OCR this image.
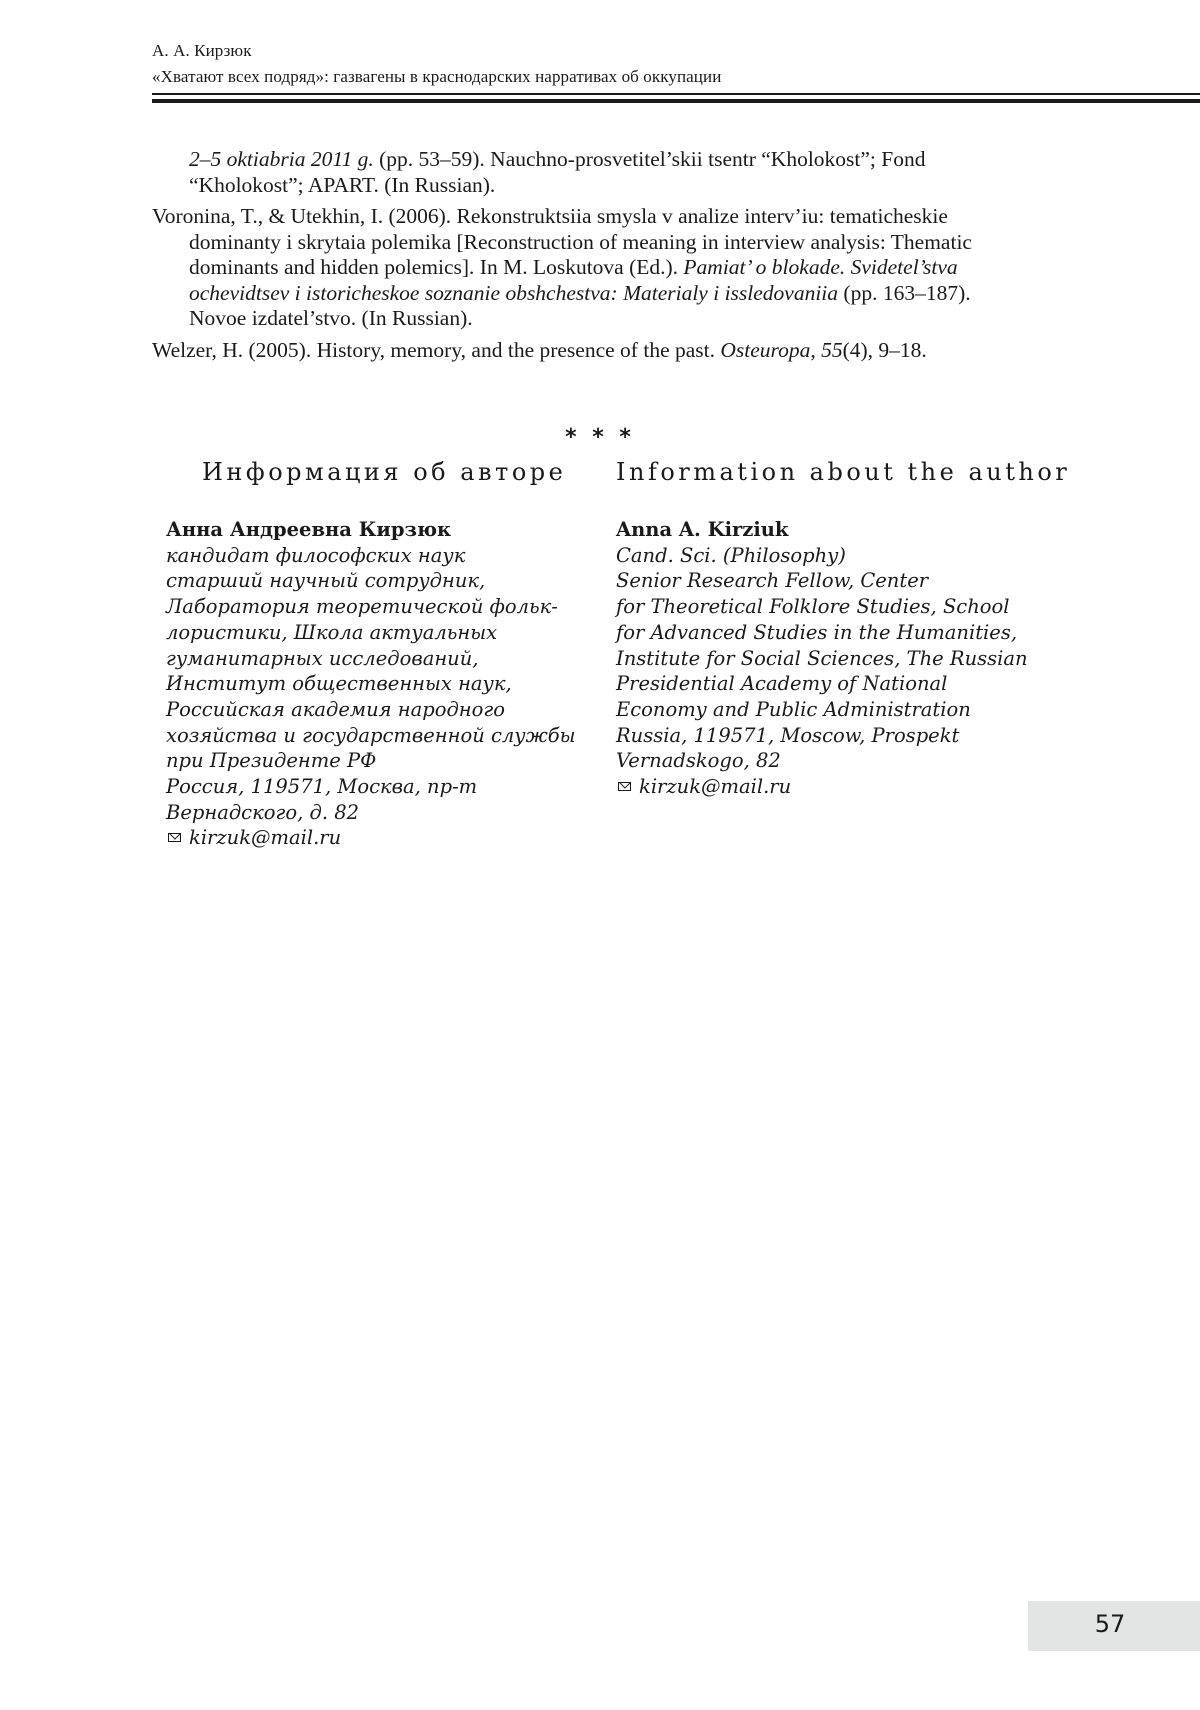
А. А. Кирзюк
«Хватают всех подряд»: газвагены в краснодарских нарративах об оккупации
2–5 oktiabria 2011 g. (pp. 53–59). Nauchno-prosvetitel’skii tsentr “Kholokost”; Fond “Kholokost”; APART. (In Russian).
Voronina, T., & Utekhin, I. (2006). Rekonstruktsiia smysla v analize interv’iu: tematicheskie dominanty i skrytaia polemika [Reconstruction of meaning in interview analysis: Thematic dominants and hidden polemics]. In M. Loskutova (Ed.). Pamiat’ o blokade. Svidetel’stva ochevidtsev i istoricheskoe soznanie obshchestva: Materialy i issledovaniia (pp. 163–187). Novoe izdatel’stvo. (In Russian).
Welzer, H. (2005). History, memory, and the presence of the past. Osteuropa, 55(4), 9–18.
* * *
Информация об авторе Information about the author
Анна Андреевна Кирзюк
кандидат философских наук
старший научный сотрудник,
Лаборатория теоретической фольк-
лористики, Школа актуальных
гуманитарных исследований,
Институт общественных наук,
Российская академия народного
хозяйства и государственной службы
при Президенте РФ
Россия, 119571, Москва, пр-т
Вернадского, д. 82
kirzuk@mail.ru
Anna A. Kirziuk
Cand. Sci. (Philosophy)
Senior Research Fellow, Center
for Theoretical Folklore Studies, School
for Advanced Studies in the Humanities,
Institute for Social Sciences, The Russian
Presidential Academy of National
Economy and Public Administration
Russia, 119571, Moscow, Prospekt
Vernadskogo, 82
kirzuk@mail.ru
57
